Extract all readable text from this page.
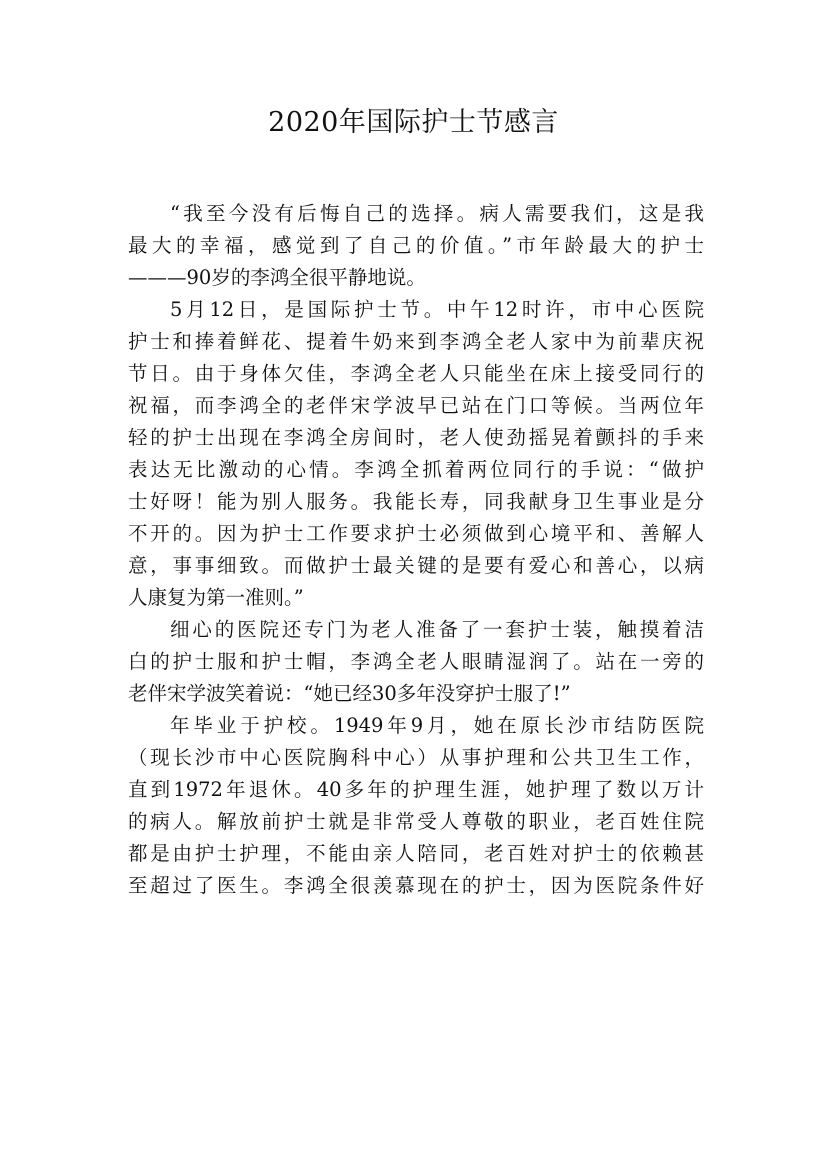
2020年国际护士节感言
“我至今没有后悔自己的选择。病人需要我们，这是我
最大的幸福，感觉到了自己的价值。”市年龄最大的护士
———90岁的李鸿全很平静地说。
5月12日，是国际护士节。中午12时许，市中心医院
护士和捧着鲜花、提着牛奶来到李鸿全老人家中为前辈庆祝
节日。由于身体欠佳，李鸿全老人只能坐在床上接受同行的
祝福，而李鸿全的老伴宋学波早已站在门口等候。当两位年
轻的护士出现在李鸿全房间时，老人使劲摇晃着颤抖的手来
表达无比激动的心情。李鸿全抓着两位同行的手说：“做护
士好呀！能为别人服务。我能长寿，同我献身卫生事业是分
不开的。因为护士工作要求护士必须做到心境平和、善解人
意，事事细致。而做护士最关键的是要有爱心和善心，以病
人康复为第一准则。”
细心的医院还专门为老人准备了一套护士装，触摸着洁
白的护士服和护士帽，李鸿全老人眼睛湿润了。站在一旁的
老伴宋学波笑着说：“她已经30多年没穿护士服了!”
年毕业于护校。1949年9月，她在原长沙市结防医院
（现长沙市中心医院胸科中心）从事护理和公共卫生工作，
直到1972年退休。40多年的护理生涯，她护理了数以万计
的病人。解放前护士就是非常受人尊敬的职业，老百姓住院
都是由护士护理，不能由亲人陪同，老百姓对护士的依赖甚
至超过了医生。李鸿全很羡慕现在的护士，因为医院条件好
